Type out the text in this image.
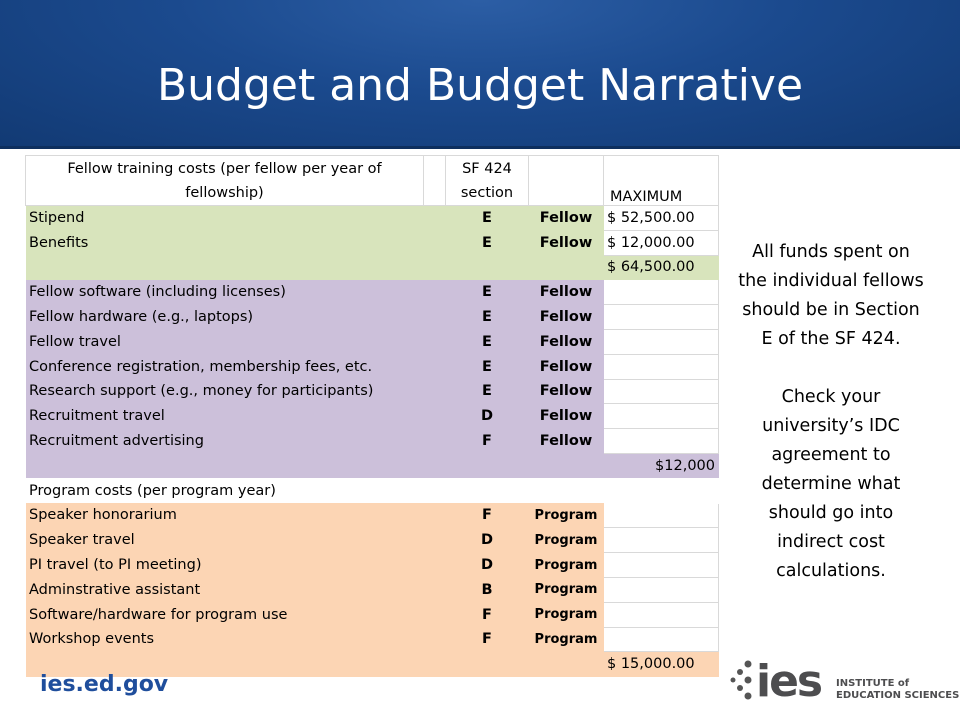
Budget and Budget Narrative
Fellow training costs (per fellow per year of fellowship)		SF 424 section		MAXIMUM
Stipend		E	Fellow	$ 52,500.00
Benefits		E	Fellow	$ 12,000.00
				$ 64,500.00
Fellow software (including licenses)		E	Fellow	
Fellow hardware (e.g., laptops)		E	Fellow	
Fellow travel		E	Fellow	
Conference registration, membership fees, etc.		E	Fellow	
Research support (e.g., money for participants)		E	Fellow	
Recruitment travel		D	Fellow	
Recruitment advertising		F	Fellow	
				$12,000
Program costs (per program year)				
Speaker honorarium		F	Program	
Speaker travel		D	Program	
PI travel (to PI meeting)		D	Program	
Adminstrative assistant		B	Program	
Software/hardware for program use		F	Program	
Workshop events		F	Program	
				$ 15,000.00

All funds spent on the individual fellows should be in Section E of the SF 424.

Check your university’s IDC agreement to determine what should go into indirect cost calculations.

ies.ed.gov	ies INSTITUTE of
EDUCATION SCIENCES
